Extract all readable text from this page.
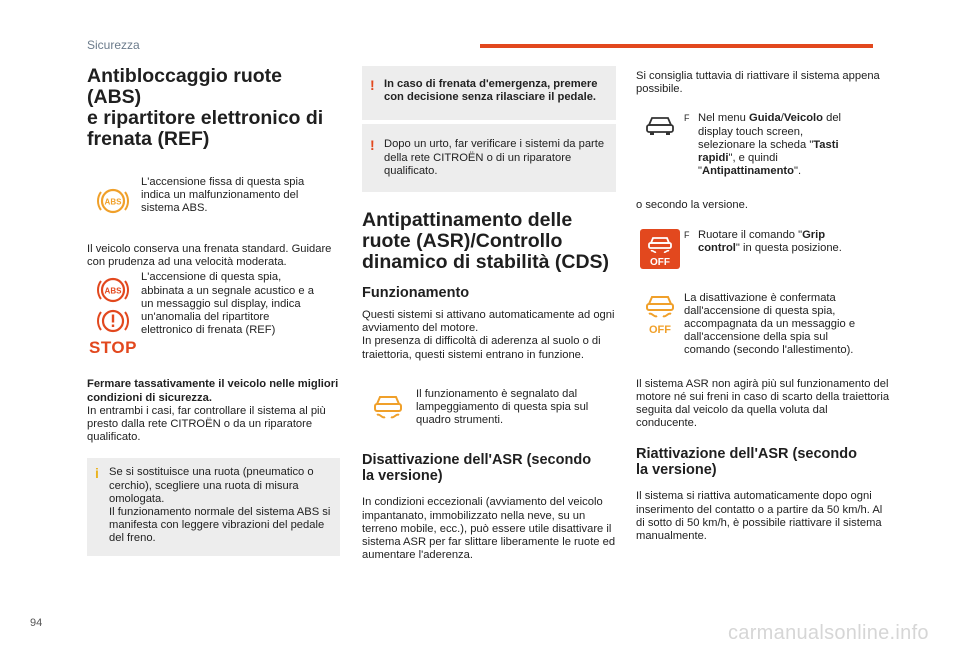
Sicurezza
Antibloccaggio ruote (ABS)
e ripartitore elettronico di
frenata (REF)
ABS

L'accensione fissa di questa spia indica un malfunzionamento del sistema ABS.

Il veicolo conserva una frenata standard. Guidare con prudenza ad una velocità moderata.

ABS
STOP

L'accensione di questa spia, abbinata a un segnale acustico e a un messaggio sul display, indica un'anomalia del ripartitore elettronico di frenata (REF)

Fermare tassativamente il veicolo nelle migliori condizioni di sicurezza.

In entrambi i casi, far controllare il sistema al più presto dalla rete CITROËN o da un riparatore qualificato.

i Se si sostituisce una ruota (pneumatico o cerchio), scegliere una ruota di misura omologata.

Il funzionamento normale del sistema ABS si manifesta con leggere vibrazioni del pedale del freno.

! In caso di frenata d'emergenza, premere con decisione senza rilasciare il pedale.

! Dopo un urto, far verificare i sistemi da parte della rete CITROËN o di un riparatore qualificato.

Antipattinamento delle
ruote (ASR)/Controllo
dinamico di stabilità (CDS)
Funzionamento

Questi sistemi si attivano automaticamente ad ogni avviamento del motore.

In presenza di difficoltà di aderenza al suolo o di traiettoria, questi sistemi entrano in funzione.

Il funzionamento è segnalato dal lampeggiamento di questa spia sul quadro strumenti.

Disattivazione dell'ASR (secondo
la versione)

In condizioni eccezionali (avviamento del veicolo impantanato, immobilizzato nella neve, su un terreno mobile, ecc.), può essere utile disattivare il sistema ASR per far slittare liberamente le ruote ed aumentare l'aderenza.

Si consiglia tuttavia di riattivare il sistema appena possibile.

F Nel menu Guida/Veicolo del display touch screen, selezionare la scheda "Tasti rapidi", e quindi "Antipattinamento".

o secondo la versione.

OFF
F Ruotare il comando "Grip control" in questa posizione.

OFF

La disattivazione è confermata dall'accensione di questa spia, accompagnata da un messaggio e dall'accensione della spia sul comando (secondo l'allestimento).

Il sistema ASR non agirà più sul funzionamento del motore né sui freni in caso di scarto della traiettoria seguita dal veicolo da quella voluta dal conducente.

Riattivazione dell'ASR (secondo
la versione)

Il sistema si riattiva automaticamente dopo ogni inserimento del contatto o a partire da 50 km/h. Al di sotto di 50 km/h, è possibile riattivare il sistema manualmente.

94	carmanualsonline.info
